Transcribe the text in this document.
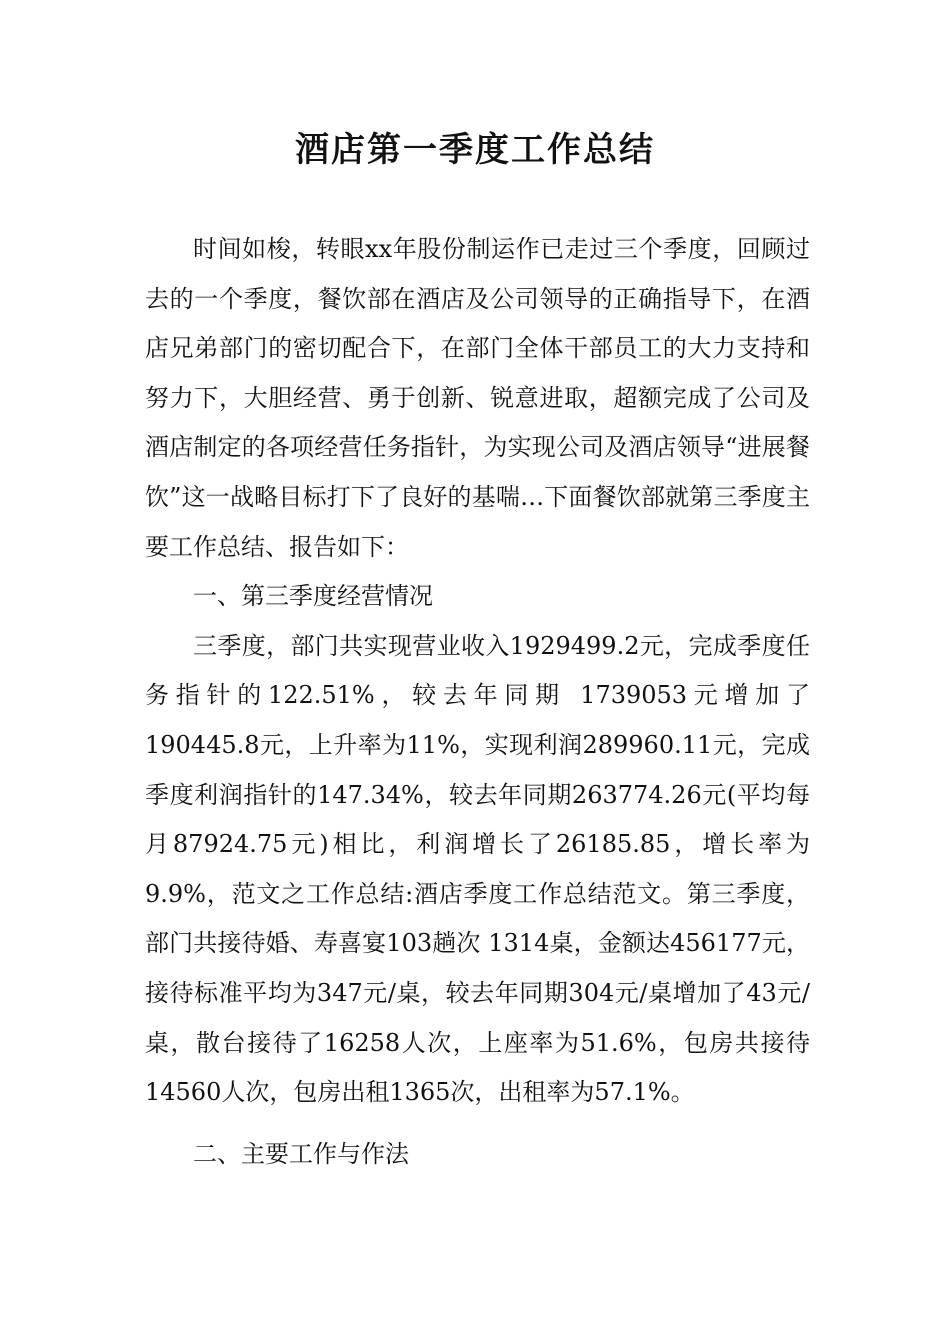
酒店第一季度工作总结

时间如梭，转眼xx年股份制运作已走过三个季度，回顾过去的一个季度，餐饮部在酒店及公司领导的正确指导下，在酒店兄弟部门的密切配合下，在部门全体干部员工的大力支持和努力下，大胆经营、勇于创新、锐意进取，超额完成了公司及酒店制定的各项经营任务指针，为实现公司及酒店领导“进展餐饮”这一战略目标打下了良好的基喘…下面餐饮部就第三季度主要工作总结、报告如下：

一、第三季度经营情况

三季度，部门共实现营业收入1929499.2元，完成季度任务指针的122.51%，较去年同期 1739053元增加了190445.8元，上升率为11%，实现利润289960.11元，完成季度利润指针的147.34%，较去年同期263774.26元(平均每月87924.75元)相比，利润增长了26185.85，增长率为9.9%，范文之工作总结:酒店季度工作总结范文。第三季度，部门共接待婚、寿喜宴103趟次 1314桌，金额达456177元，接待标准平均为347元/桌，较去年同期304元/桌增加了43元/桌，散台接待了16258人次，上座率为51.6%，包房共接待14560人次，包房出租1365次，出租率为57.1%。

二、主要工作与作法
